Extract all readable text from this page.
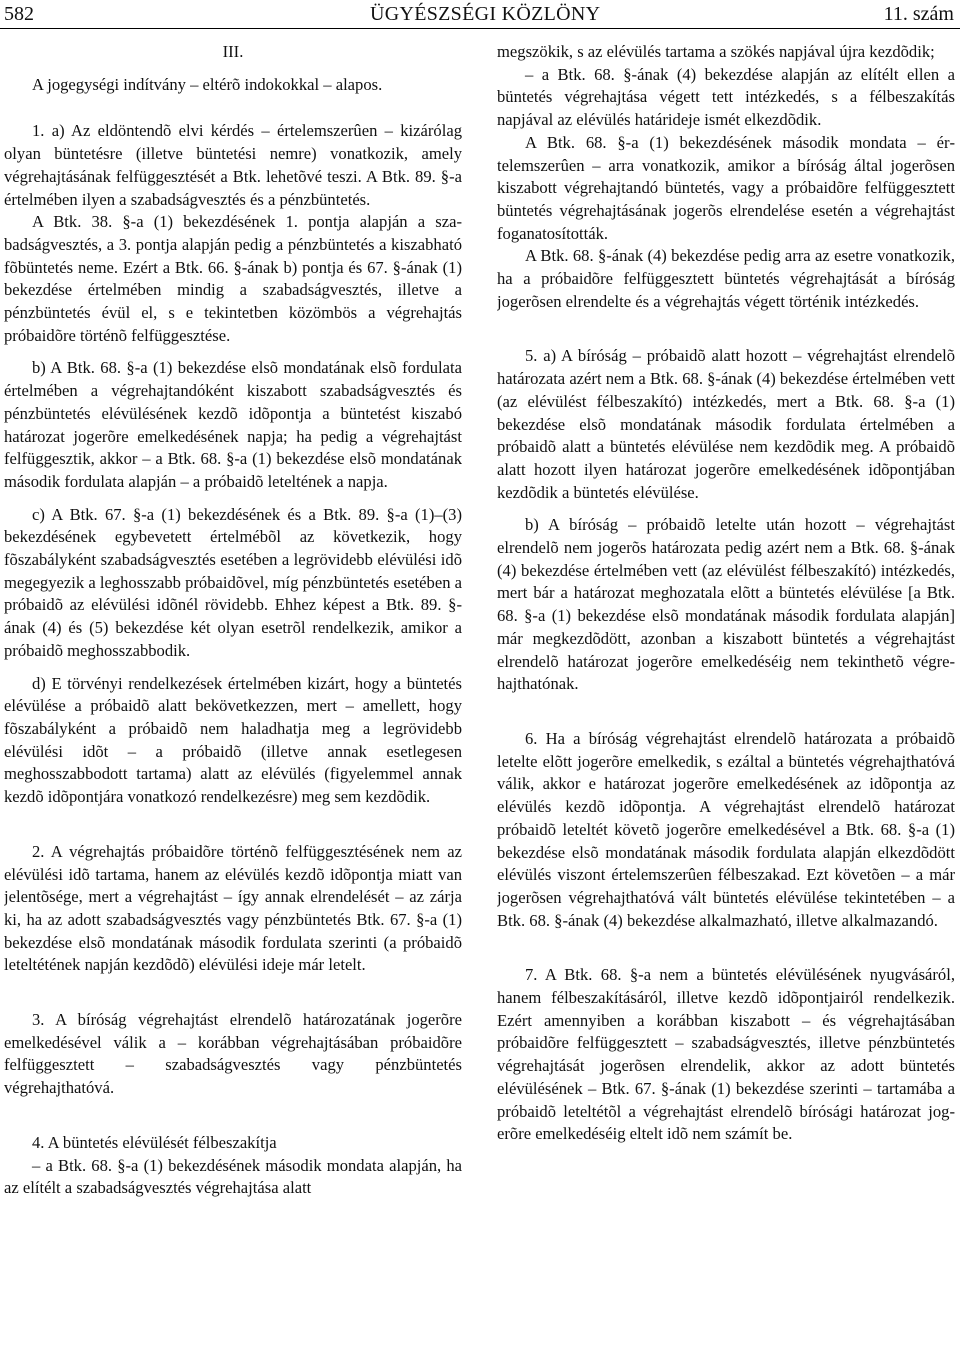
582	ÜGYÉSZSÉGI KÖZLÖNY	11. szám

III.

A jogegységi indítvány – eltérõ indokokkal – alapos.

1. a) Az eldöntendõ elvi kérdés – értelemszerûen – kizárólag olyan büntetésre (illetve büntetési nemre) vonatkozik, amely végrehajtásának felfüggesztését a Btk. lehetõvé teszi. A Btk. 89. §-a értelmében ilyen a szabadságvesztés és a pénzbüntetés.

A Btk. 38. §-a (1) bekezdésének 1. pontja alapján a szabadságvesztés, a 3. pontja alapján pedig a pénzbüntetés a kiszabható fõbüntetés neme. Ezért a Btk. 66. §-ának b) pontja és 67. §-ának (1) bekezdése értelmében mindig a szabadságvesztés, illetve a pénzbüntetés évül el, s e tekintetben közömbös a végrehajtás próbaidõre történõ felfüggesztése.

b) A Btk. 68. §-a (1) bekezdése elsõ mondatának elsõ fordulata értelmében a végrehajtandóként kiszabott szabadságvesztés és pénzbüntetés elévülésének kezdõ idõpontja a büntetést kiszabó határozat jogerõre emelkedésének napja; ha pedig a végrehajtást felfüggesztik, akkor – a Btk. 68. §-a (1) bekezdése elsõ mondatának második fordulata alapján – a próbaidõ leteltének a napja.

c) A Btk. 67. §-a (1) bekezdésének és a Btk. 89. §-a (1)–(3) bekezdésének egybevetett értelmébõl az következik, hogy fõszabályként szabadságvesztés esetében a legrövidebb elévülési idõ megegyezik a leghosszabb próbaidõvel, míg pénzbüntetés esetében a próbaidõ az elévülési idõnél rövidebb. Ehhez képest a Btk. 89. §-ának (4) és (5) bekezdése két olyan esetrõl rendelkezik, amikor a próbaidõ meghosszabbodik.

d) E törvényi rendelkezések értelmében kizárt, hogy a büntetés elévülése a próbaidõ alatt bekövetkezzen, mert – amellett, hogy fõszabályként a próbaidõ nem haladhatja meg a legrövidebb elévülési idõt – a próbaidõ (illetve annak esetlegesen meghosszabbodott tartama) alatt az elévülés (figyelemmel annak kezdõ idõpontjára vonatkozó rendelkezésre) meg sem kezdõdik.

2. A végrehajtás próbaidõre történõ felfüggesztésének nem az elévülési idõ tartama, hanem az elévülés kezdõ idõpontja miatt van jelentõsége, mert a végrehajtást – így annak elrendelését – az zárja ki, ha az adott szabadságvesztés vagy pénzbüntetés Btk. 67. §-a (1) bekezdése elsõ mondatának második fordulata szerinti (a próbaidõ leteltétének napján kezdõdõ) elévülési ideje már letelt.

3. A bíróság végrehajtást elrendelõ határozatának jogerõre emelkedésével válik a – korábban végrehajtásában próbaidõre felfüggesztett – szabadságvesztés vagy pénzbüntetés végrehajthatóvá.

4. A büntetés elévülését félbeszakítja

– a Btk. 68. §-a (1) bekezdésének második mondata alapján, ha az elítélt a szabadságvesztés végrehajtása alatt

megszökik, s az elévülés tartama a szökés napjával újra kezdõdik;

– a Btk. 68. §-ának (4) bekezdése alapján az elítélt ellen a büntetés végrehajtása végett tett intézkedés, s a félbeszakítás napjával az elévülés határideje ismét elkezdõdik.

A Btk. 68. §-a (1) bekezdésének második mondata – értelemszerûen – arra vonatkozik, amikor a bíróság által jogerõsen kiszabott végrehajtandó büntetés, vagy a próbaidõre felfüggesztett büntetés végrehajtásának jogerõs elrendelése esetén a végrehajtást foganatosították.

A Btk. 68. §-ának (4) bekezdése pedig arra az esetre vonatkozik, ha a próbaidõre felfüggesztett büntetés végrehajtását a bíróság jogerõsen elrendelte és a végrehajtás végett történik intézkedés.

5. a) A bíróság – próbaidõ alatt hozott – végrehajtást elrendelõ határozata azért nem a Btk. 68. §-ának (4) bekezdése értelmében vett (az elévülést félbeszakító) intézkedés, mert a Btk. 68. §-a (1) bekezdése elsõ mondatának második fordulata értelmében a próbaidõ alatt a büntetés elévülése nem kezdõdik meg. A próbaidõ alatt hozott ilyen határozat jogerõre emelkedésének idõpontjában kezdõdik a büntetés elévülése.

b) A bíróság – próbaidõ letelte után hozott – végrehajtást elrendelõ nem jogerõs határozata pedig azért nem a Btk. 68. §-ának (4) bekezdése értelmében vett (az elévülést félbeszakító) intézkedés, mert bár a határozat meghozatala elõtt a büntetés elévülése [a Btk. 68. §-a (1) bekezdése elsõ mondatának második fordulata alapján] már megkezdõdött, azonban a kiszabott büntetés a végrehajtást elrendelõ határozat jogerõre emelkedéséig nem tekinthetõ végrehajthatónak.

6. Ha a bíróság végrehajtást elrendelõ határozata a próbaidõ letelte elõtt jogerõre emelkedik, s ezáltal a büntetés végrehajthatóvá válik, akkor e határozat jogerõre emelkedésének az idõpontja az elévülés kezdõ idõpontja. A végrehajtást elrendelõ határozat próbaidõ leteltét követõ jogerõre emelkedésével a Btk. 68. §-a (1) bekezdése elsõ mondatának második fordulata alapján elkezdõdött elévülés viszont értelemszerûen félbeszakad. Ezt követõen – a már jogerõsen végrehajthatóvá vált büntetés elévülése tekintetében – a Btk. 68. §-ának (4) bekezdése alkalmazható, illetve alkalmazandó.

7. A Btk. 68. §-a nem a büntetés elévülésének nyugvásáról, hanem félbeszakításáról, illetve kezdõ idõpontjairól rendelkezik. Ezért amennyiben a korábban kiszabott – és végrehajtásában próbaidõre felfüggesztett – szabadságvesztés, illetve pénzbüntetés végrehajtását jogerõsen elrendelik, akkor az adott büntetés elévülésének – Btk. 67. §-ának (1) bekezdése szerinti – tartamába a próbaidõ leteltétõl a végrehajtást elrendelõ bírósági határozat jogerõre emelkedéséig eltelt idõ nem számít be.
